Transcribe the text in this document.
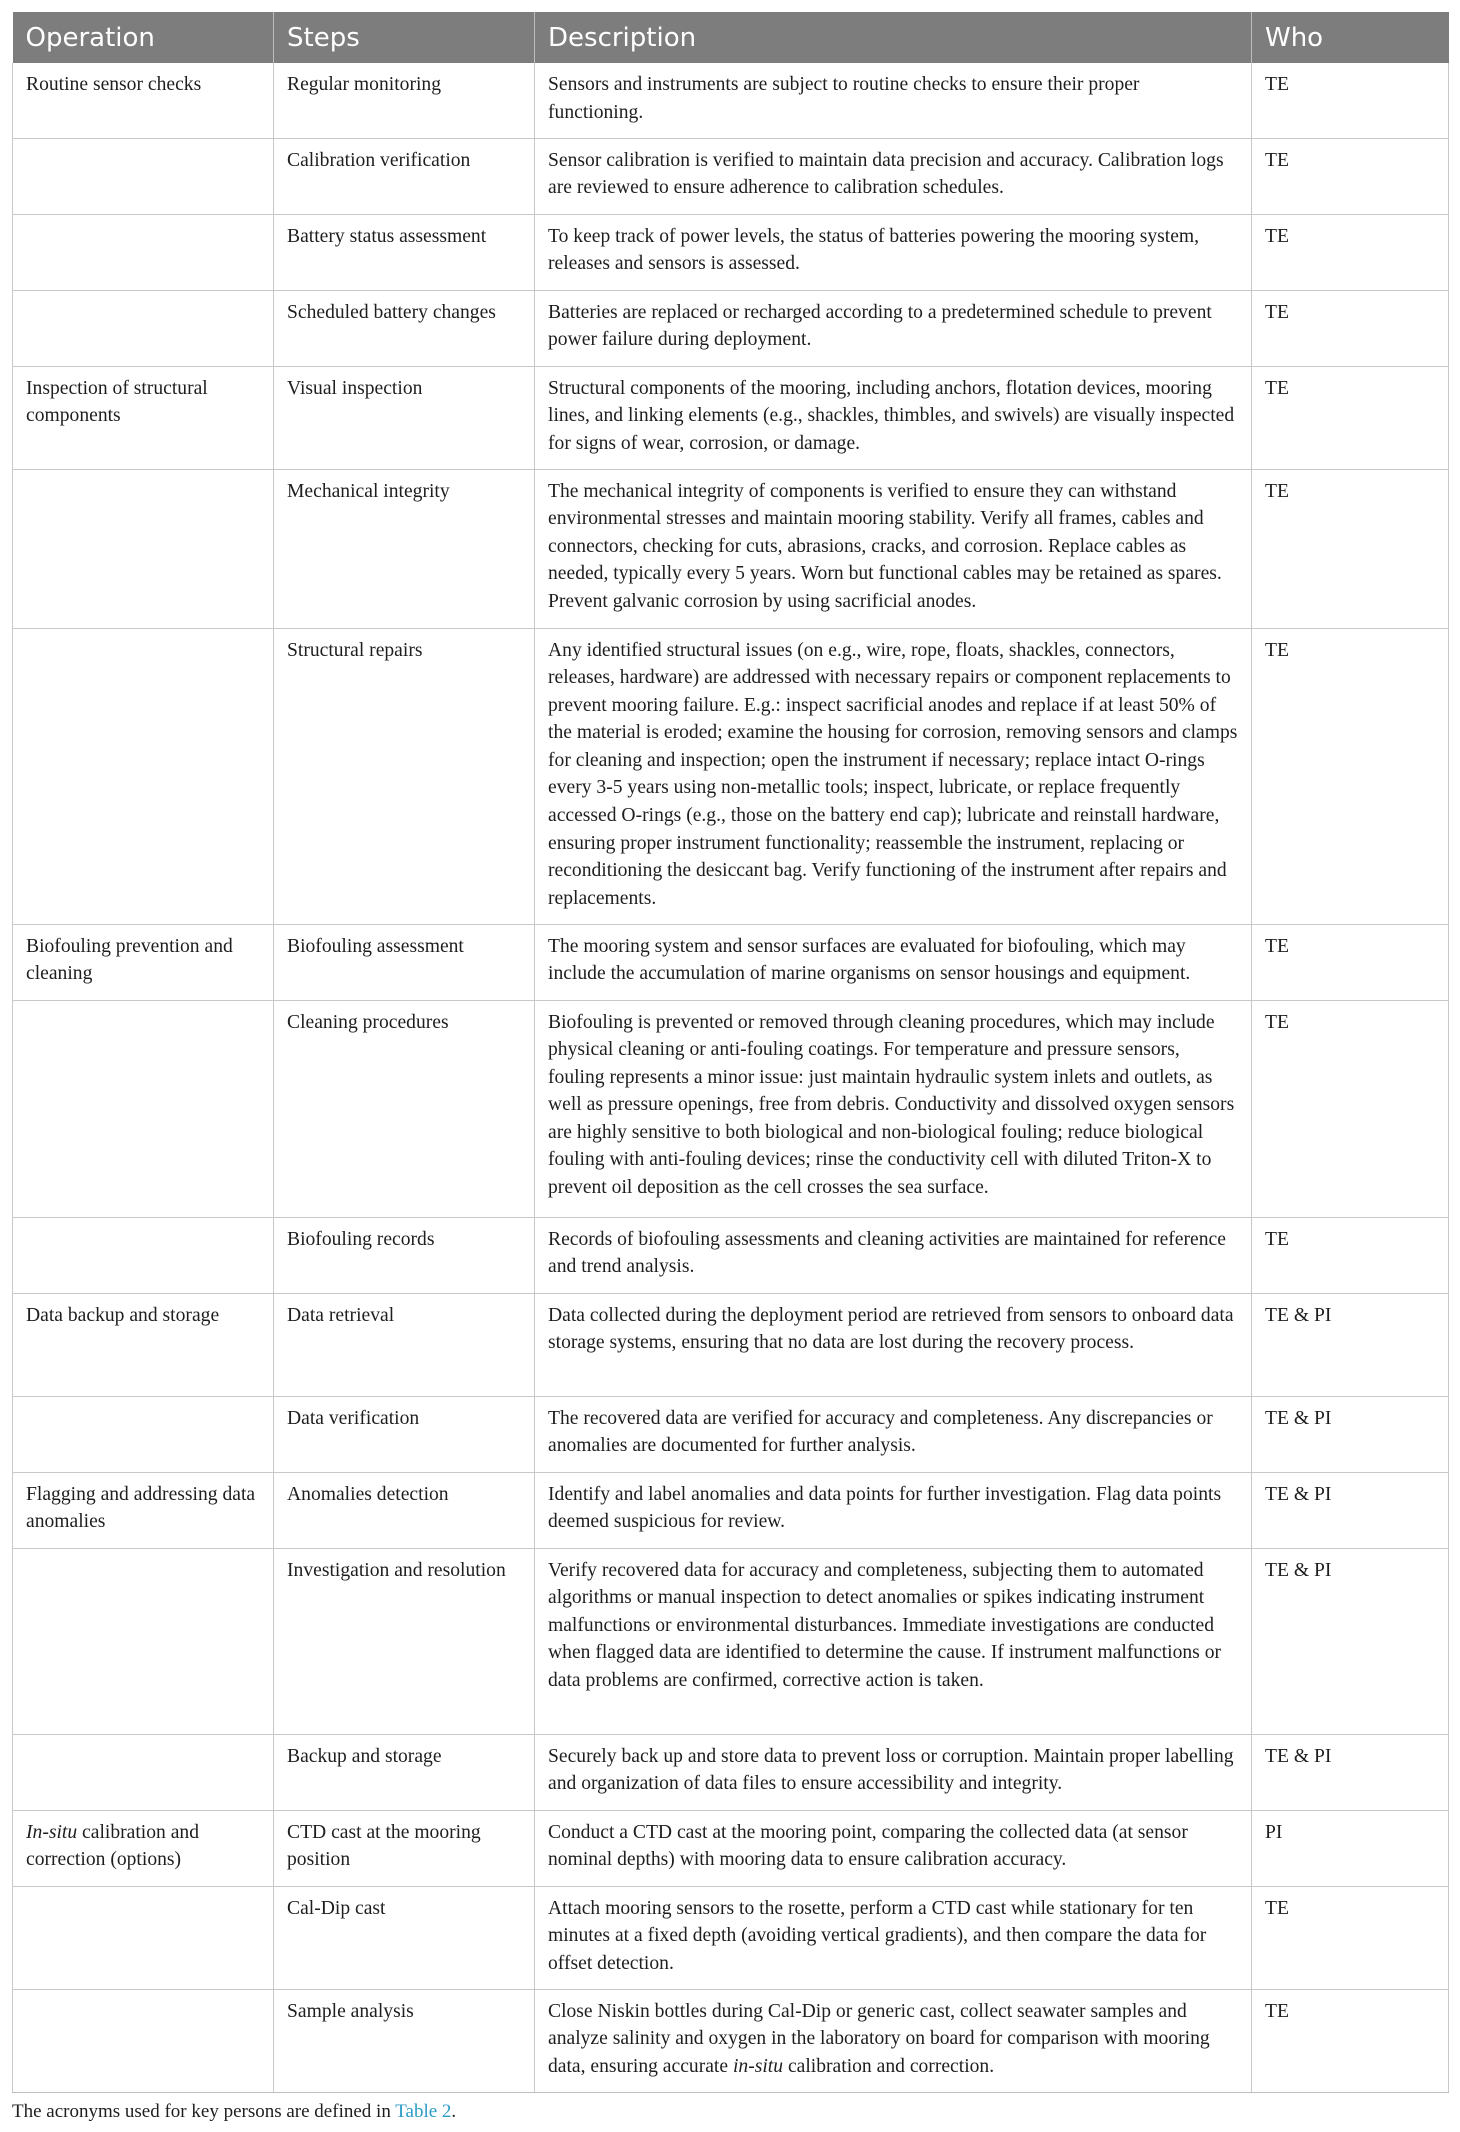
Operation	Steps	Description	Who
Routine sensor checks	Regular monitoring	Sensors and instruments are subject to routine checks to ensure their proper functioning.	TE
	Calibration verification	Sensor calibration is verified to maintain data precision and accuracy. Calibration logs are reviewed to ensure adherence to calibration schedules.	TE
	Battery status assessment	To keep track of power levels, the status of batteries powering the mooring system, releases and sensors is assessed.	TE
	Scheduled battery changes	Batteries are replaced or recharged according to a predetermined schedule to prevent power failure during deployment.	TE
Inspection of structural components	Visual inspection	Structural components of the mooring, including anchors, flotation devices, mooring lines, and linking elements (e.g., shackles, thimbles, and swivels) are visually inspected for signs of wear, corrosion, or damage.	TE
	Mechanical integrity	The mechanical integrity of components is verified to ensure they can withstand environmental stresses and maintain mooring stability. Verify all frames, cables and connectors, checking for cuts, abrasions, cracks, and corrosion. Replace cables as needed, typically every 5 years. Worn but functional cables may be retained as spares. Prevent galvanic corrosion by using sacrificial anodes.	TE
	Structural repairs	Any identified structural issues (on e.g., wire, rope, floats, shackles, connectors, releases, hardware) are addressed with necessary repairs or component replacements to prevent mooring failure. E.g.: inspect sacrificial anodes and replace if at least 50% of the material is eroded; examine the housing for corrosion, removing sensors and clamps for cleaning and inspection; open the instrument if necessary; replace intact O-rings every 3-5 years using non-metallic tools; inspect, lubricate, or replace frequently accessed O-rings (e.g., those on the battery end cap); lubricate and reinstall hardware, ensuring proper instrument functionality; reassemble the instrument, replacing or reconditioning the desiccant bag. Verify functioning of the instrument after repairs and replacements.	TE
Biofouling prevention and cleaning	Biofouling assessment	The mooring system and sensor surfaces are evaluated for biofouling, which may include the accumulation of marine organisms on sensor housings and equipment.	TE
	Cleaning procedures	Biofouling is prevented or removed through cleaning procedures, which may include physical cleaning or anti-fouling coatings. For temperature and pressure sensors, fouling represents a minor issue: just maintain hydraulic system inlets and outlets, as well as pressure openings, free from debris. Conductivity and dissolved oxygen sensors are highly sensitive to both biological and non-biological fouling; reduce biological fouling with anti-fouling devices; rinse the conductivity cell with diluted Triton-X to prevent oil deposition as the cell crosses the sea surface.	TE
	Biofouling records	Records of biofouling assessments and cleaning activities are maintained for reference and trend analysis.	TE
Data backup and storage	Data retrieval	Data collected during the deployment period are retrieved from sensors to onboard data storage systems, ensuring that no data are lost during the recovery process.	TE & PI
	Data verification	The recovered data are verified for accuracy and completeness. Any discrepancies or anomalies are documented for further analysis.	TE & PI
Flagging and addressing data anomalies	Anomalies detection	Identify and label anomalies and data points for further investigation. Flag data points deemed suspicious for review.	TE & PI
	Investigation and resolution	Verify recovered data for accuracy and completeness, subjecting them to automated algorithms or manual inspection to detect anomalies or spikes indicating instrument malfunctions or environmental disturbances. Immediate investigations are conducted when flagged data are identified to determine the cause. If instrument malfunctions or data problems are confirmed, corrective action is taken.	TE & PI
	Backup and storage	Securely back up and store data to prevent loss or corruption. Maintain proper labelling and organization of data files to ensure accessibility and integrity.	TE & PI
In-situ calibration and correction (options)	CTD cast at the mooring position	Conduct a CTD cast at the mooring point, comparing the collected data (at sensor nominal depths) with mooring data to ensure calibration accuracy.	PI
	Cal-Dip cast	Attach mooring sensors to the rosette, perform a CTD cast while stationary for ten minutes at a fixed depth (avoiding vertical gradients), and then compare the data for offset detection.	TE
	Sample analysis	Close Niskin bottles during Cal-Dip or generic cast, collect seawater samples and analyze salinity and oxygen in the laboratory on board for comparison with mooring data, ensuring accurate in-situ calibration and correction.	TE
The acronyms used for key persons are defined in Table 2.
